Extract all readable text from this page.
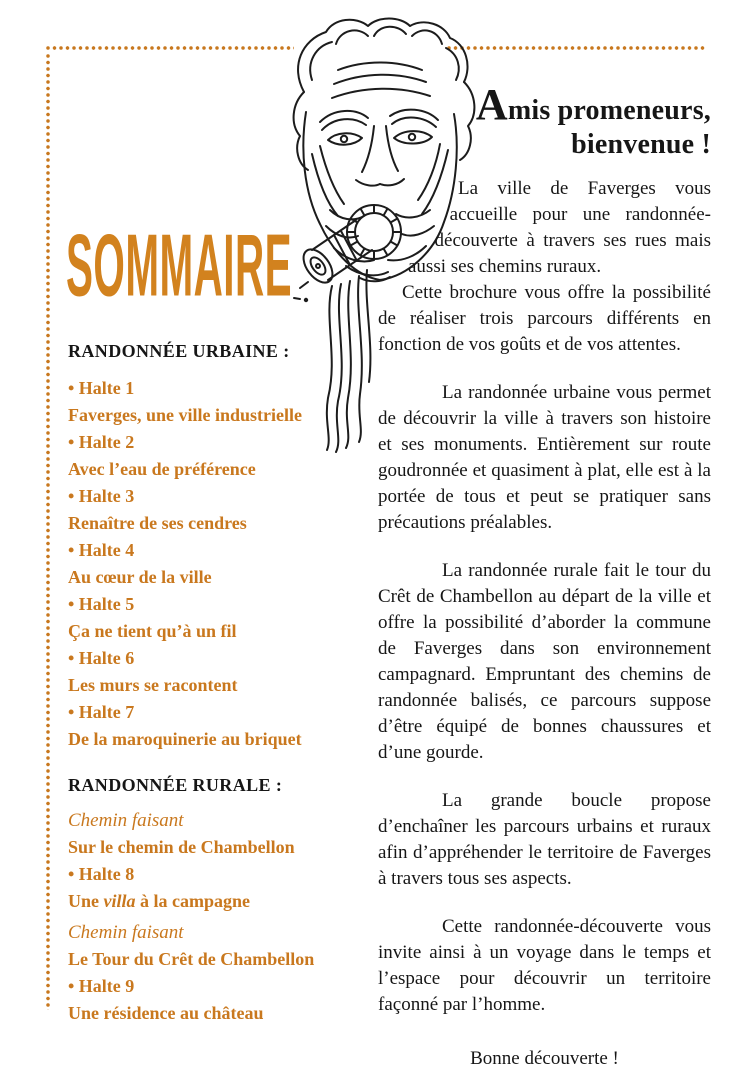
SOMMAIRE
RANDONNÉE URBAINE :
• Halte 1
Faverges, une ville industrielle
• Halte 2
Avec l’eau de préférence
• Halte 3
Renaître de ses cendres
• Halte 4
Au cœur de la ville
• Halte 5
Ça ne tient qu’à un fil
• Halte 6
Les murs se racontent
• Halte 7
De la maroquinerie au briquet
RANDONNÉE RURALE :
Chemin faisant
Sur le chemin de Chambellon
• Halte 8
Une villa à la campagne
Chemin faisant
Le Tour du Crêt de Chambellon
• Halte 9
Une résidence au château
Amis promeneurs,
bienvenue !

La ville de Faverges vous accueille pour une randonnée-découverte à travers ses rues mais aussi ses chemins ruraux.

Cette brochure vous offre la possibilité de réaliser trois parcours différents en fonction de vos goûts et de vos attentes.

La randonnée urbaine vous permet de découvrir la ville à travers son histoire et ses monuments. Entièrement sur route goudronnée et quasiment à plat, elle est à la portée de tous et peut se pratiquer sans précautions préalables.

La randonnée rurale fait le tour du Crêt de Chambellon au départ de la ville et offre la possibilité d’aborder la commune de Faverges dans son environnement campagnard. Empruntant des chemins de randonnée balisés, ce parcours suppose d’être équipé de bonnes chaussures et d’une gourde.

La grande boucle propose d’enchaîner les parcours urbains et ruraux afin d’appréhender le territoire de Faverges à travers tous ses aspects.

Cette randonnée-découverte vous invite ainsi à un voyage dans le temps et l’espace pour découvrir un territoire façonné par l’homme.

Bonne découverte !
